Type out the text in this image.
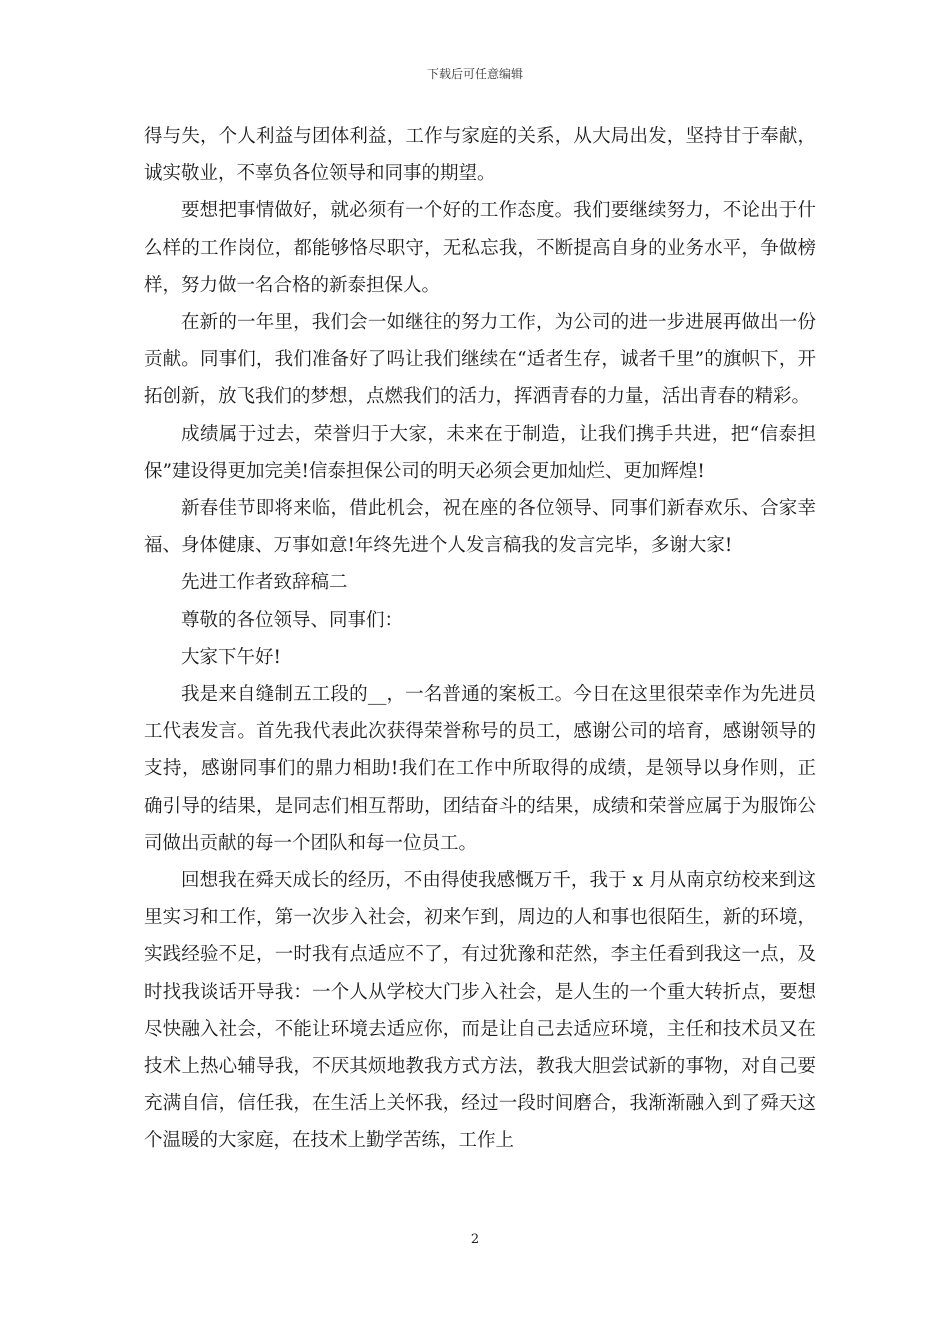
下载后可任意编辑

得与失，个人利益与团体利益，工作与家庭的关系，从大局出发，坚持甘于奉献，诚实敬业，不辜负各位领导和同事的期望。

要想把事情做好，就必须有一个好的工作态度。我们要继续努力，不论出于什么样的工作岗位，都能够恪尽职守，无私忘我，不断提高自身的业务水平，争做榜样，努力做一名合格的新泰担保人。

在新的一年里，我们会一如继往的努力工作，为公司的进一步进展再做出一份贡献。同事们，我们准备好了吗让我们继续在“适者生存，诚者千里”的旗帜下，开拓创新，放飞我们的梦想，点燃我们的活力，挥洒青春的力量，活出青春的精彩。

成绩属于过去，荣誉归于大家，未来在于制造，让我们携手共进，把“信泰担保”建设得更加完美!信泰担保公司的明天必须会更加灿烂、更加辉煌!

新春佳节即将来临，借此机会，祝在座的各位领导、同事们新春欢乐、合家幸福、身体健康、万事如意!年终先进个人发言稿我的发言完毕，多谢大家!

先进工作者致辞稿二

尊敬的各位领导、同事们：

大家下午好!

我是来自缝制五工段的__，一名普通的案板工。今日在这里很荣幸作为先进员工代表发言。首先我代表此次获得荣誉称号的员工，感谢公司的培育，感谢领导的支持，感谢同事们的鼎力相助!我们在工作中所取得的成绩，是领导以身作则，正确引导的结果，是同志们相互帮助，团结奋斗的结果，成绩和荣誉应属于为服饰公司做出贡献的每一个团队和每一位员工。

回想我在舜天成长的经历，不由得使我感慨万千，我于 x 月从南京纺校来到这里实习和工作，第一次步入社会，初来乍到，周边的人和事也很陌生，新的环境，实践经验不足，一时我有点适应不了，有过犹豫和茫然，李主任看到我这一点，及时找我谈话开导我：一个人从学校大门步入社会，是人生的一个重大转折点，要想尽快融入社会，不能让环境去适应你，而是让自己去适应环境，主任和技术员又在技术上热心辅导我，不厌其烦地教我方式方法，教我大胆尝试新的事物，对自己要充满自信，信任我，在生活上关怀我，经过一段时间磨合，我渐渐融入到了舜天这个温暖的大家庭，在技术上勤学苦练，工作上

2
